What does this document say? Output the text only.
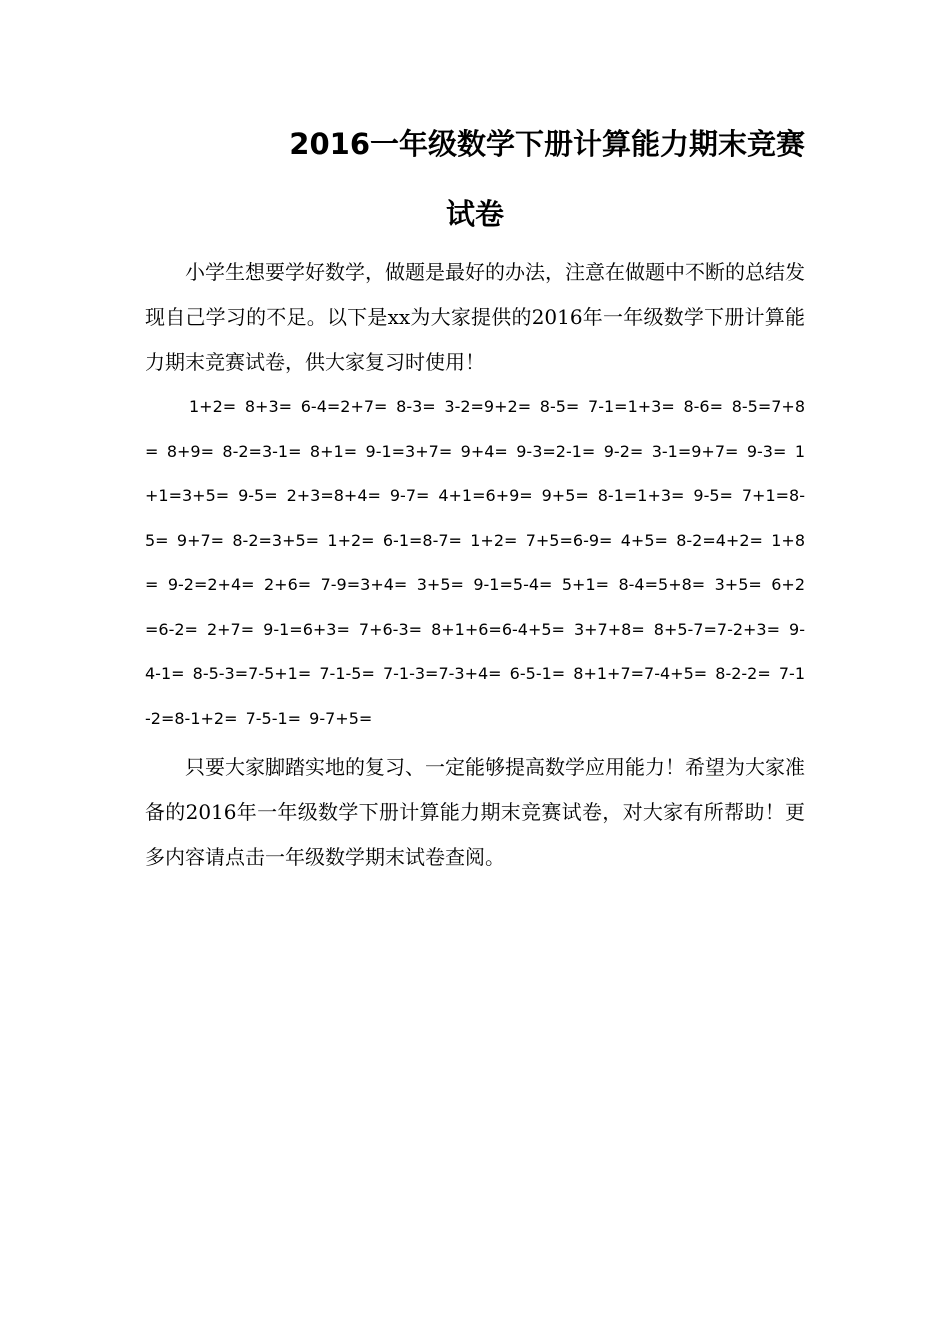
2016一年级数学下册计算能力期末竞赛
试卷

小学生想要学好数学，做题是最好的办法，注意在做题中不断的总结发现自己学习的不足。以下是xx为大家提供的2016年一年级数学下册计算能力期末竞赛试卷，供大家复习时使用！

1+2= 8+3= 6-4=2+7= 8-3= 3-2=9+2= 8-5= 7-1=1+3= 8-6= 8-5=7+8= 8+9= 8-2=3-1= 8+1= 9-1=3+7= 9+4= 9-3=2-1= 9-2= 3-1=9+7= 9-3= 1+1=3+5= 9-5= 2+3=8+4= 9-7= 4+1=6+9= 9+5= 8-1=1+3= 9-5= 7+1=8-5= 9+7= 8-2=3+5= 1+2= 6-1=8-7= 1+2= 7+5=6-9= 4+5= 8-2=4+2= 1+8= 9-2=2+4= 2+6= 7-9=3+4= 3+5= 9-1=5-4= 5+1= 8-4=5+8= 3+5= 6+2=6-2= 2+7= 9-1=6+3= 7+6-3= 8+1+6=6-4+5= 3+7+8= 8+5-7=7-2+3= 9-4-1= 8-5-3=7-5+1= 7-1-5= 7-1-3=7-3+4= 6-5-1= 8+1+7=7-4+5= 8-2-2= 7-1-2=8-1+2= 7-5-1= 9-7+5=

只要大家脚踏实地的复习、一定能够提高数学应用能力！希望为大家准备的2016年一年级数学下册计算能力期末竞赛试卷，对大家有所帮助！更多内容请点击一年级数学期末试卷查阅。
